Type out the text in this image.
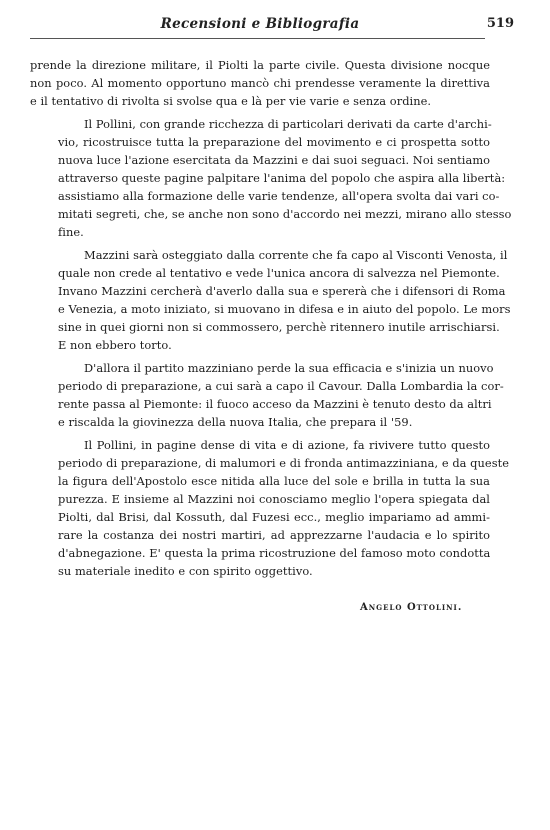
Recensioni e Bibliografia	519

prende la direzione militare, il Piolti la parte civile. Questa divisione nocque
non poco. Al momento opportuno mancò chi prendesse veramente la direttiva
e il tentativo di rivolta si svolse qua e là per vie varie e senza ordine.

Il Pollini, con grande ricchezza di particolari derivati da carte d'archi-
vio, ricostruisce tutta la preparazione del movimento e ci prospetta sotto
nuova luce l'azione esercitata da Mazzini e dai suoi seguaci. Noi sentiamo
attraverso queste pagine palpitare l'anima del popolo che aspira alla libertà:
assistiamo alla formazione delle varie tendenze, all'opera svolta dai vari co-
mitati segreti, che, se anche non sono d'accordo nei mezzi, mirano allo stesso
fine.

Mazzini sarà osteggiato dalla corrente che fa capo al Visconti Venosta, il
quale non crede al tentativo e vede l'unica ancora di salvezza nel Piemonte.
Invano Mazzini cercherà d'averlo dalla sua e spererà che i difensori di Roma
e Venezia, a moto iniziato, si muovano in difesa e in aiuto del popolo. Le mors
sine in quei giorni non si commossero, perchè ritennero inutile arrischiarsi.
E non ebbero torto.

D'allora il partito mazziniano perde la sua efficacia e s'inizia un nuovo
periodo di preparazione, a cui sarà a capo il Cavour. Dalla Lombardia la cor-
rente passa al Piemonte: il fuoco acceso da Mazzini è tenuto desto da altri
e riscalda la giovinezza della nuova Italia, che prepara il '59.

Il Pollini, in pagine dense di vita e di azione, fa rivivere tutto questo
periodo di preparazione, di malumori e di fronda antimazziniana, e da queste
la figura dell'Apostolo esce nitida alla luce del sole e brilla in tutta la sua
purezza. E insieme al Mazzini noi conosciamo meglio l'opera spiegata dal
Piolti, dal Brisi, dal Kossuth, dal Fuzesi ecc., meglio impariamo ad ammi-
rare la costanza dei nostri martiri, ad apprezzarne l'audacia e lo spirito
d'abnegazione. E' questa la prima ricostruzione del famoso moto condotta
su materiale inedito e con spirito oggettivo.

Angelo Ottolini.
